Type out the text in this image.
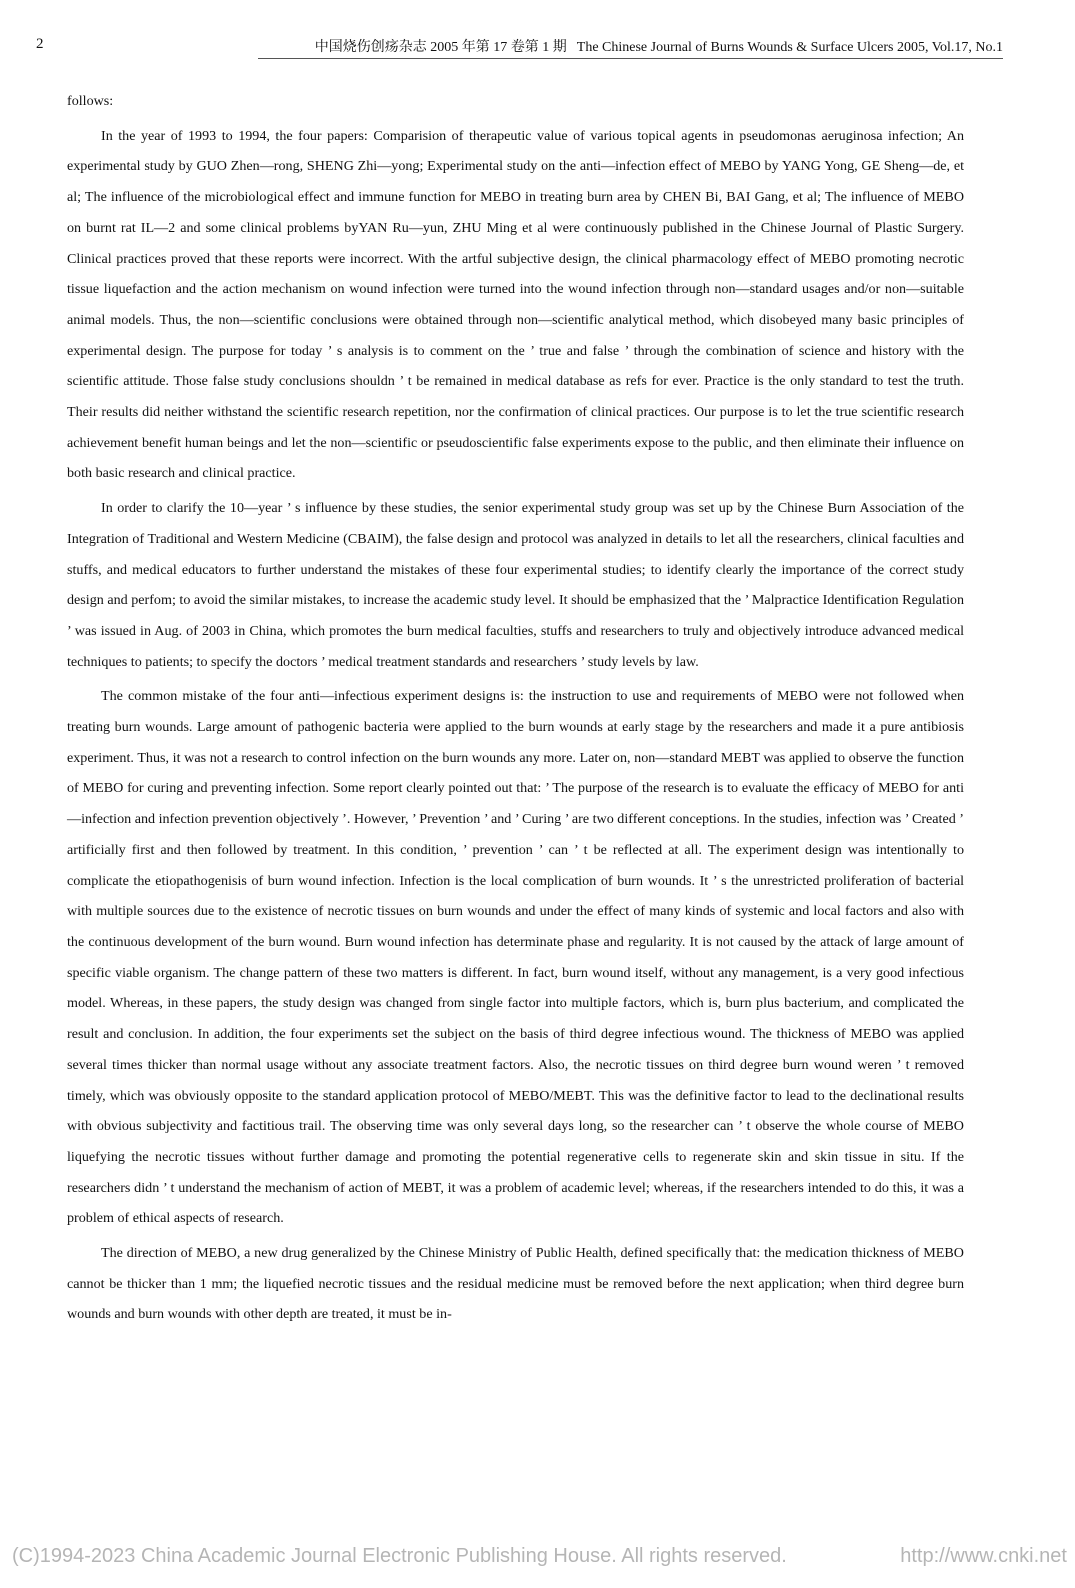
2	中国烧伤创疡杂志 2005 年第 17 卷第 1 期 The Chinese Journal of Burns Wounds & Surface Ulcers 2005, Vol.17, No.1

follows:

In the year of 1993 to 1994, the four papers: Comparision of therapeutic value of various topical agents in pseudomonas aeruginosa infection; An experimental study by GUO Zhen—rong, SHENG Zhi—yong; Experimental study on the anti—infection effect of MEBO by YANG Yong, GE Sheng—de, et al; The influence of the microbiological effect and immune function for MEBO in treating burn area by CHEN Bi, BAI Gang, et al; The influence of MEBO on burnt rat IL—2 and some clinical problems byYAN Ru—yun, ZHU Ming et al were continuously published in the Chinese Journal of Plastic Surgery. Clinical practices proved that these reports were incorrect. With the artful subjective design, the clinical pharmacology effect of MEBO promoting necrotic tissue liquefaction and the action mechanism on wound infection were turned into the wound infection through non—standard usages and/or non—suitable animal models. Thus, the non—scientific conclusions were obtained through non—scientific analytical method, which disobeyed many basic principles of experimental design. The purpose for today ’ s analysis is to comment on the ’ true and false ’ through the combination of science and history with the scientific attitude. Those false study conclusions shouldn ’ t be remained in medical database as refs for ever. Practice is the only standard to test the truth. Their results did neither withstand the scientific research repetition, nor the confirmation of clinical practices. Our purpose is to let the true scientific research achievement benefit human beings and let the non—scientific or pseudoscientific false experiments expose to the public, and then eliminate their influence on both basic research and clinical practice.

In order to clarify the 10—year ’ s influence by these studies, the senior experimental study group was set up by the Chinese Burn Association of the Integration of Traditional and Western Medicine (CBAIM), the false design and protocol was analyzed in details to let all the researchers, clinical faculties and stuffs, and medical educators to further understand the mistakes of these four experimental studies; to identify clearly the importance of the correct study design and perfom; to avoid the similar mistakes, to increase the academic study level. It should be emphasized that the ’ Malpractice Identification Regulation ’ was issued in Aug. of 2003 in China, which promotes the burn medical faculties, stuffs and researchers to truly and objectively introduce advanced medical techniques to patients; to specify the doctors ’ medical treatment standards and researchers ’ study levels by law.

The common mistake of the four anti—infectious experiment designs is: the instruction to use and requirements of MEBO were not followed when treating burn wounds. Large amount of pathogenic bacteria were applied to the burn wounds at early stage by the researchers and made it a pure antibiosis experiment. Thus, it was not a research to control infection on the burn wounds any more. Later on, non—standard MEBT was applied to observe the function of MEBO for curing and preventing infection. Some report clearly pointed out that: ’ The purpose of the research is to evaluate the efficacy of MEBO for anti—infection and infection prevention objectively ’. However, ’ Prevention ’ and ’ Curing ’ are two different conceptions. In the studies, infection was ’ Created ’ artificially first and then followed by treatment. In this condition, ’ prevention ’ can ’ t be reflected at all. The experiment design was intentionally to complicate the etiopathogenisis of burn wound infection. Infection is the local complication of burn wounds. It ’ s the unrestricted proliferation of bacterial with multiple sources due to the existence of necrotic tissues on burn wounds and under the effect of many kinds of systemic and local factors and also with the continuous development of the burn wound. Burn wound infection has determinate phase and regularity. It is not caused by the attack of large amount of specific viable organism. The change pattern of these two matters is different. In fact, burn wound itself, without any management, is a very good infectious model. Whereas, in these papers, the study design was changed from single factor into multiple factors, which is, burn plus bacterium, and complicated the result and conclusion. In addition, the four experiments set the subject on the basis of third degree infectious wound. The thickness of MEBO was applied several times thicker than normal usage without any associate treatment factors. Also, the necrotic tissues on third degree burn wound weren ’ t removed timely, which was obviously opposite to the standard application protocol of MEBO/MEBT. This was the definitive factor to lead to the declinational results with obvious subjectivity and factitious trail. The observing time was only several days long, so the researcher can ’ t observe the whole course of MEBO liquefying the necrotic tissues without further damage and promoting the potential regenerative cells to regenerate skin and skin tissue in situ. If the researchers didn ’ t understand the mechanism of action of MEBT, it was a problem of academic level; whereas, if the researchers intended to do this, it was a problem of ethical aspects of research.

The direction of MEBO, a new drug generalized by the Chinese Ministry of Public Health, defined specifically that: the medication thickness of MEBO cannot be thicker than 1 mm; the liquefied necrotic tissues and the residual medicine must be removed before the next application; when third degree burn wounds and burn wounds with other depth are treated, it must be in-

(C)1994-2023 China Academic Journal Electronic Publishing House. All rights reserved.	http://www.cnki.net
